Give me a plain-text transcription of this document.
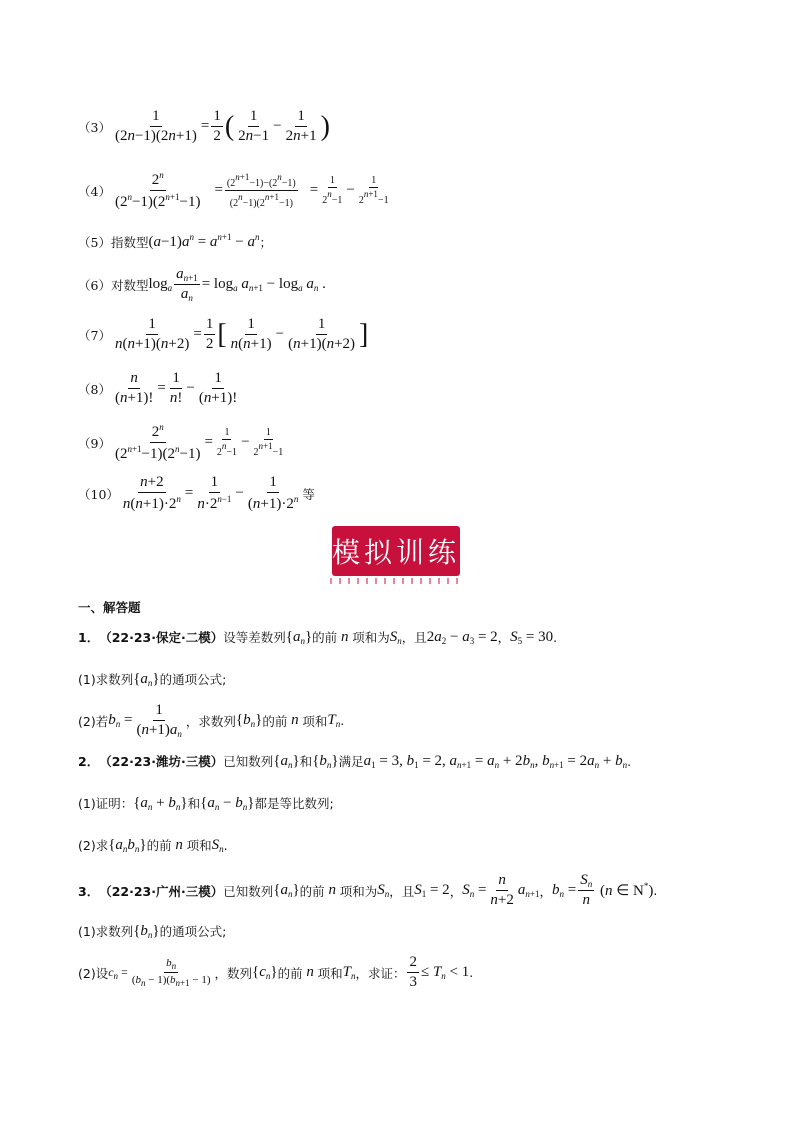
$(3) \frac{1}{(2n-1)(2n+1)} = \frac{1}{2}$ ( $\frac{1}{2n-1} - \frac{1}{2n+1}$ )
$(4) \frac{2^n}{(2^n-1)(2^{n+1}-1)} = \frac{(2^{n+1}-1)-(2^n-1)}{(2^n-1)(2^{n+1}-1)} = \frac{1}{2^n-1} - \frac{1}{2^{n+1}-1}$
（5） 指数型 $(a-1)a^n = a^{n+1} - a^n$ ；
（6） 对数型 $\log_a \frac{a_{n+1}}{a_n} = \log_a a_{n+1} - \log_a a_n$ .
$(7) \frac{1}{n(n+1)(n+2)} = \frac{1}{2}$ [ $\frac{1}{n(n+1)} - \frac{1}{(n+1)(n+2)}$ ]
$(8) \frac{n}{(n+1)!} = \frac{1}{n!} - \frac{1}{(n+1)!}$
$(9) \frac{2^n}{(2^{n+1}-1)(2^n-1)} = \frac{1}{2^n-1} - \frac{1}{2^{n+1}-1}$
$(10) \frac{n+2}{n(n+1)\cdot 2^n} = \frac{1}{n\cdot 2^{n-1}} - \frac{1}{(n+1)\cdot 2^n}$ 等
模拟训练
一、解答题
1． （22·23·保定·二模） 设等差数列 $\{a_n\}$ 的前 n 项和为 $S_n$ ，且 $2a_2 - a_3 = 2$ ， $S_5 = 30$ .
(1)求数列 $\{a_n\}$ 的通项公式;
(2)若 $b_n = \frac{1}{(n+1)a_n}$ ，求数列 $\{b_n\}$ 的前 n 项和 $T_n$ .
2． （22·23·潍坊·三模） 已知数列 $\{a_n\}$ 和 $\{b_n\}$ 满足 $a_1 = 3$, $b_1 = 2$, $a_{n+1} = a_n + 2b_n$, $b_{n+1} = 2a_n + b_n$ .
(1)证明： $\{a_n + b_n\}$ 和 $\{a_n - b_n\}$ 都是等比数列;
(2)求 $\{a_nb_n\}$ 的前 n 项和 $S_n$ .
3． （22·23·广州·三模） 已知数列 $\{a_n\}$ 的前 n 项和为 $S_n$ ，且 $S_1 = 2$ ， $S_n = \frac{n}{n+2} a_{n+1}$ ， $b_n = \frac{S_n}{n} (n$ ∈ N*) .
(1)求数列 $\{b_n\}$ 的通项公式;
(2)设 $c_n = \frac{b_n}{(b_n - 1)(b_{n+1} - 1)}$ ，数列 $\{c_n\}$ 的前 n 项和 $T_n$ ，求证： $\frac{2}{3} \le T_n < 1$ .
